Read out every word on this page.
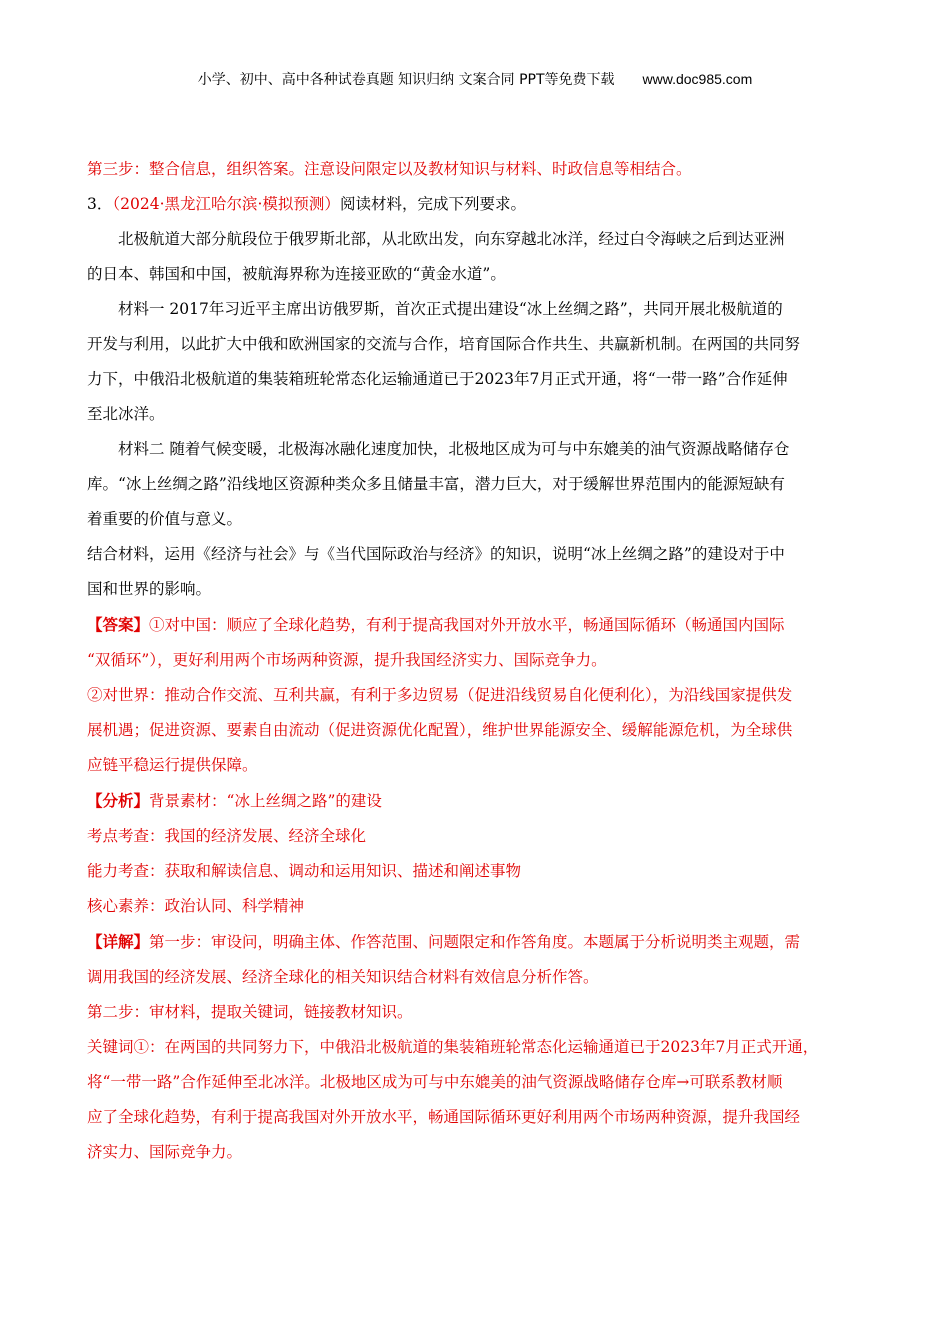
小学、初中、高中各种试卷真题 知识归纳 文案合同 PPT等免费下载 www.doc985.com
第三步：整合信息，组织答案。注意设问限定以及教材知识与材料、时政信息等相结合。
3．（2024·黑龙江哈尔滨·模拟预测）阅读材料，完成下列要求。
北极航道大部分航段位于俄罗斯北部，从北欧出发，向东穿越北冰洋，经过白令海峡之后到达亚洲
的日本、韩国和中国，被航海界称为连接亚欧的“黄金水道”。
材料一 2017年习近平主席出访俄罗斯，首次正式提出建设“冰上丝绸之路”，共同开展北极航道的
开发与利用，以此扩大中俄和欧洲国家的交流与合作，培育国际合作共生、共赢新机制。在两国的共同努
力下，中俄沿北极航道的集装箱班轮常态化运输通道已于2023年7月正式开通，将“一带一路”合作延伸
至北冰洋。
材料二 随着气候变暖，北极海冰融化速度加快，北极地区成为可与中东媲美的油气资源战略储存仓
库。“冰上丝绸之路”沿线地区资源种类众多且储量丰富，潜力巨大，对于缓解世界范围内的能源短缺有
着重要的价值与意义。
结合材料，运用《经济与社会》与《当代国际政治与经济》的知识，说明“冰上丝绸之路”的建设对于中
国和世界的影响。
【答案】①对中国：顺应了全球化趋势，有利于提高我国对外开放水平，畅通国际循环（畅通国内国际
“双循环”），更好利用两个市场两种资源，提升我国经济实力、国际竞争力。
②对世界：推动合作交流、互利共赢，有利于多边贸易（促进沿线贸易自化便利化），为沿线国家提供发
展机遇；促进资源、要素自由流动（促进资源优化配置），维护世界能源安全、缓解能源危机，为全球供
应链平稳运行提供保障。
【分析】背景素材：“冰上丝绸之路”的建设
考点考查：我国的经济发展、经济全球化
能力考查：获取和解读信息、调动和运用知识、描述和阐述事物
核心素养：政治认同、科学精神
【详解】第一步：审设问，明确主体、作答范围、问题限定和作答角度。本题属于分析说明类主观题，需
调用我国的经济发展、经济全球化的相关知识结合材料有效信息分析作答。
第二步：审材料，提取关键词，链接教材知识。
关键词①：在两国的共同努力下，中俄沿北极航道的集装箱班轮常态化运输通道已于2023年7月正式开通，
将“一带一路”合作延伸至北冰洋。北极地区成为可与中东媲美的油气资源战略储存仓库→可联系教材顺
应了全球化趋势，有利于提高我国对外开放水平，畅通国际循环更好利用两个市场两种资源，提升我国经
济实力、国际竞争力。
